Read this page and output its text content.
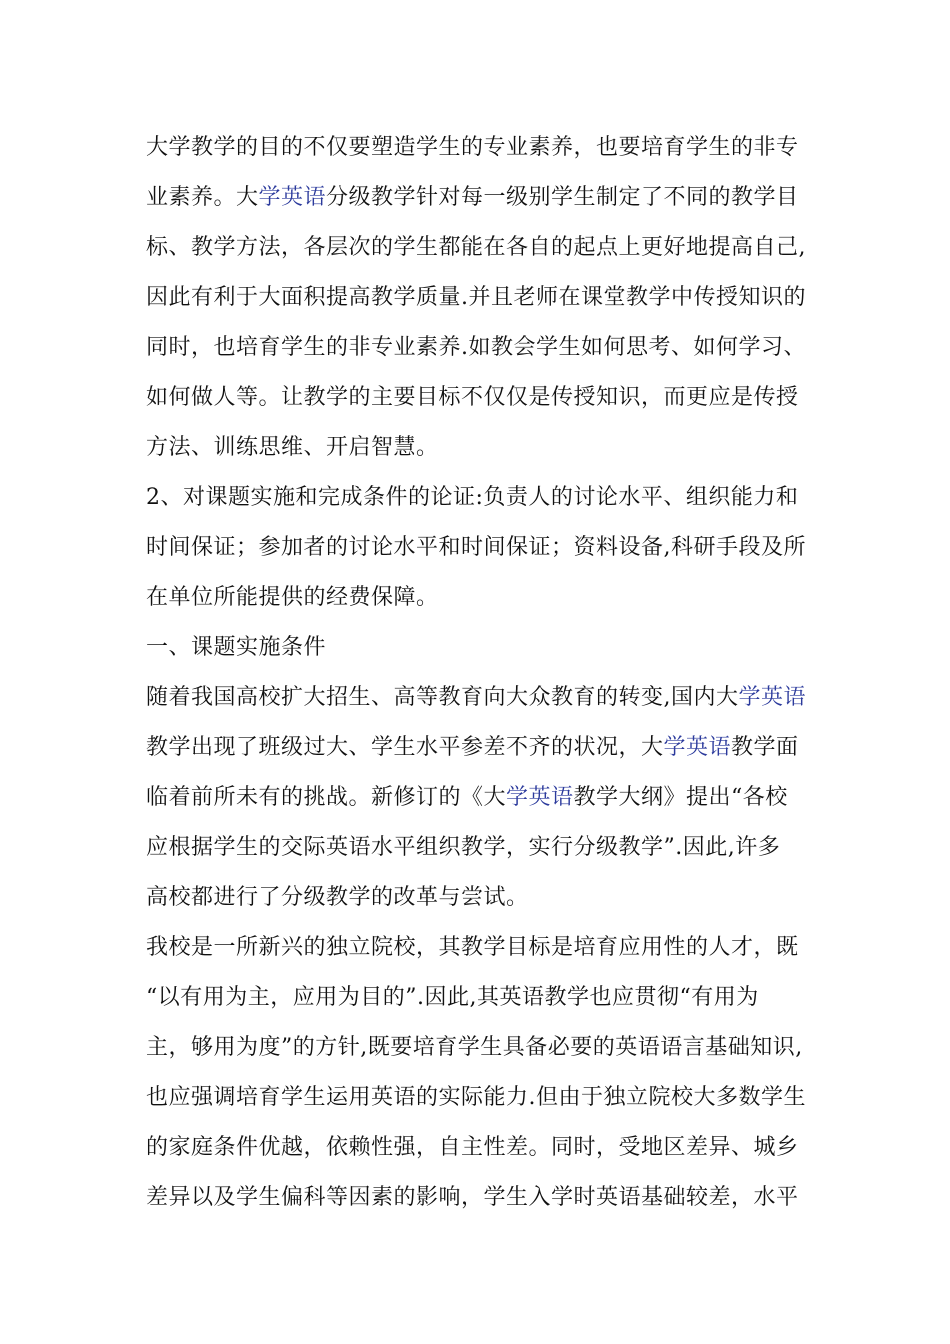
大学教学的目的不仅要塑造学生的专业素养，也要培育学生的非专
业素养。大学英语分级教学针对每一级别学生制定了不同的教学目
标、教学方法，各层次的学生都能在各自的起点上更好地提高自己,
因此有利于大面积提高教学质量.并且老师在课堂教学中传授知识的
同时，也培育学生的非专业素养.如教会学生如何思考、如何学习、
如何做人等。让教学的主要目标不仅仅是传授知识，而更应是传授
方法、训练思维、开启智慧。
2、对课题实施和完成条件的论证:负责人的讨论水平、组织能力和
时间保证；参加者的讨论水平和时间保证；资料设备,科研手段及所
在单位所能提供的经费保障。
一、课题实施条件
随着我国高校扩大招生、高等教育向大众教育的转变,国内大学英语
教学出现了班级过大、学生水平参差不齐的状况，大学英语教学面
临着前所未有的挑战。新修订的《大学英语教学大纲》提出“各校
应根据学生的交际英语水平组织教学，实行分级教学”.因此,许多
高校都进行了分级教学的改革与尝试。
我校是一所新兴的独立院校，其教学目标是培育应用性的人才，既
“以有用为主，应用为目的”.因此,其英语教学也应贯彻“有用为
主，够用为度”的方针,既要培育学生具备必要的英语语言基础知识,
也应强调培育学生运用英语的实际能力.但由于独立院校大多数学生
的家庭条件优越，依赖性强，自主性差。同时，受地区差异、城乡
差异以及学生偏科等因素的影响，学生入学时英语基础较差，水平
